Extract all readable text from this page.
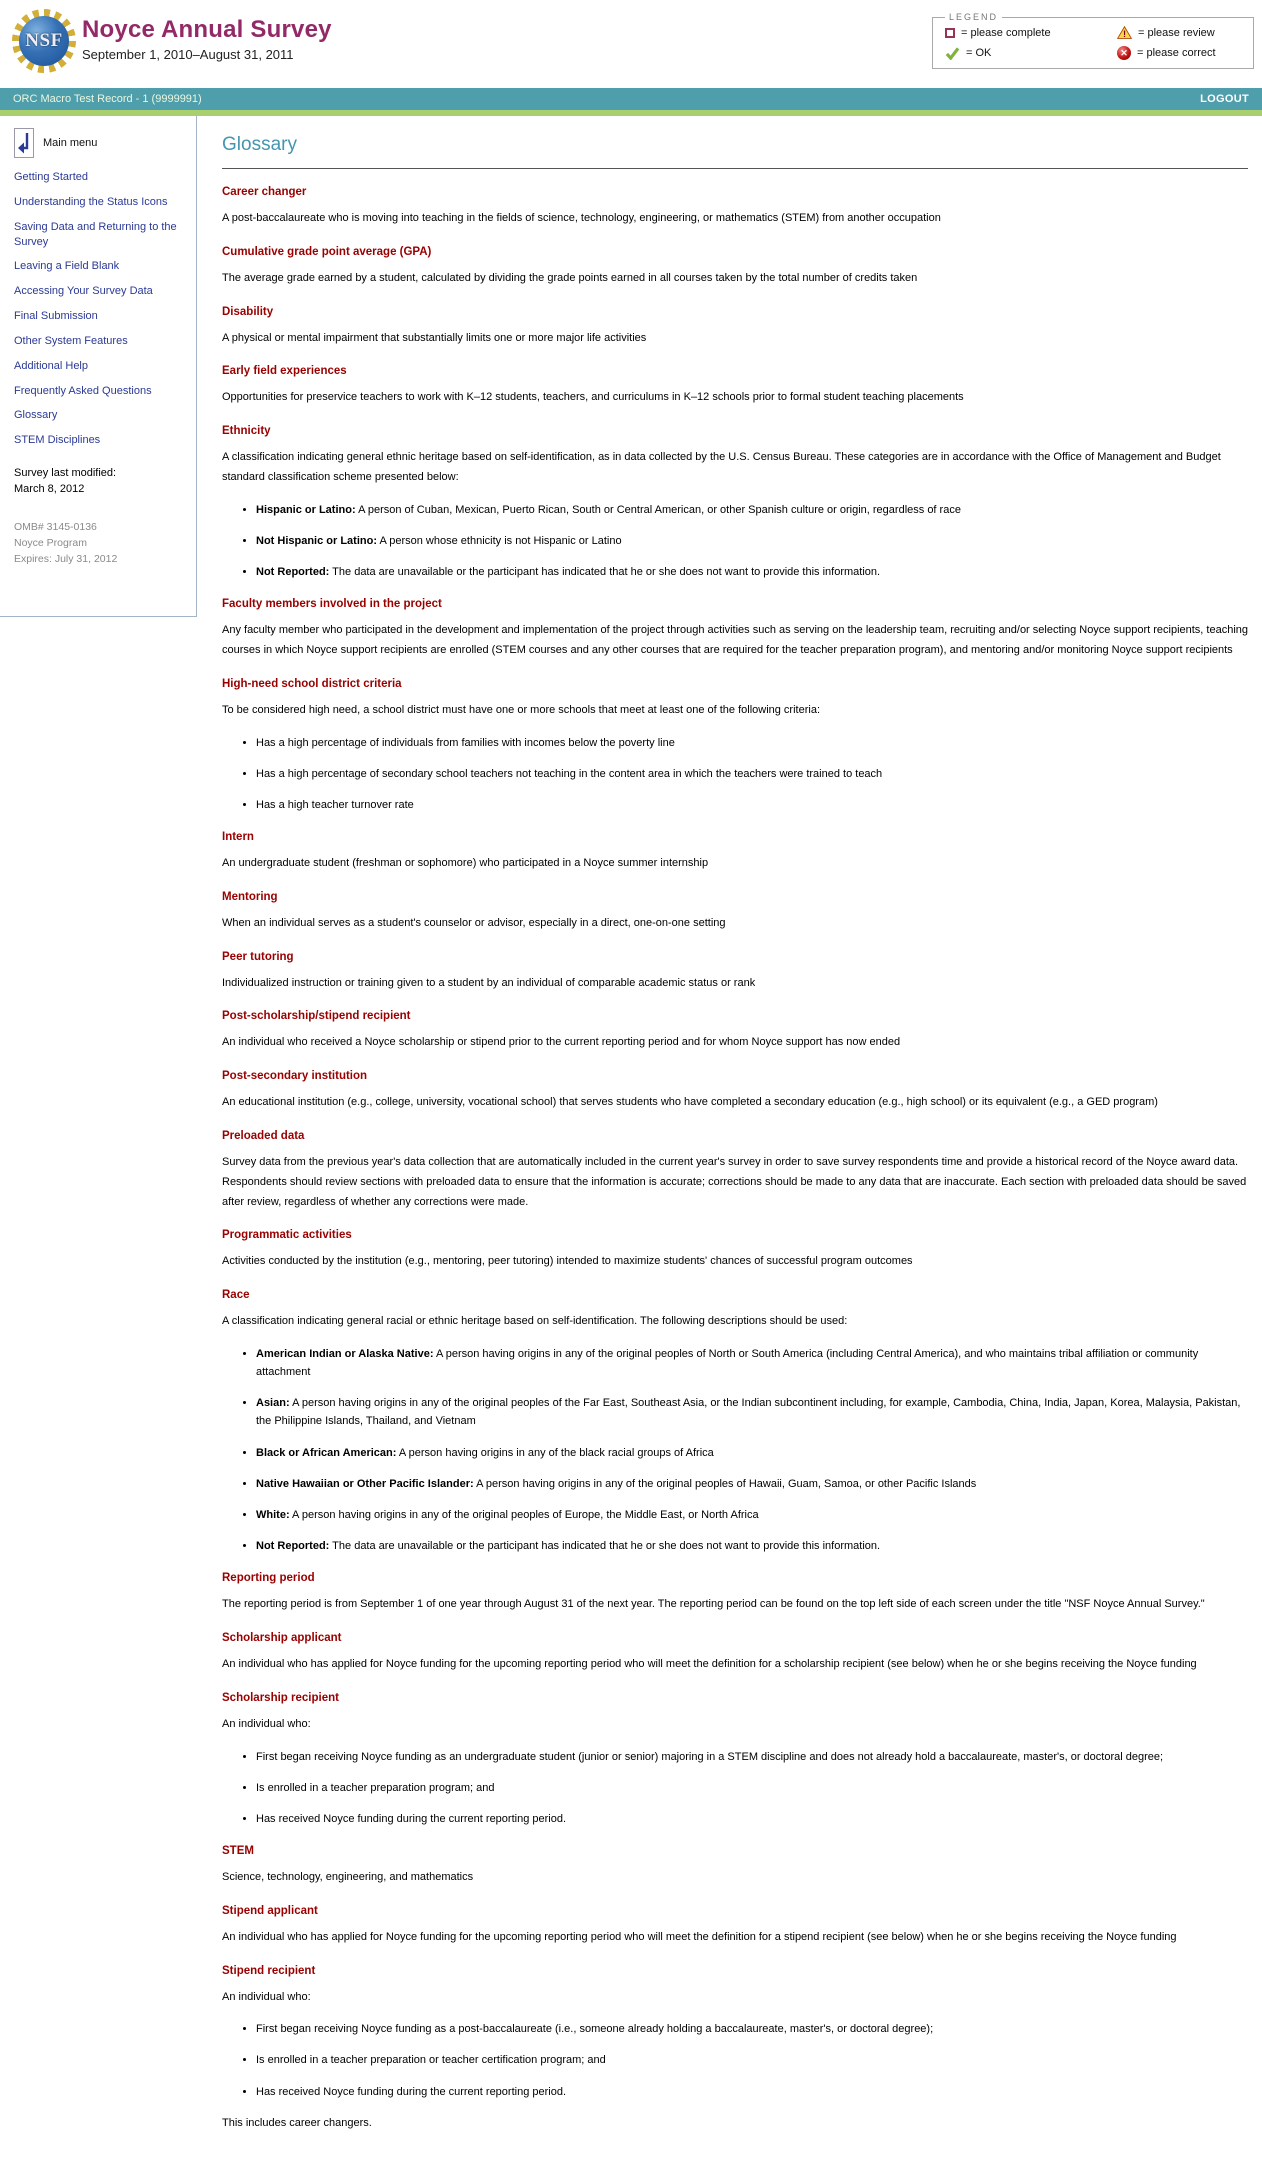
NSF Noyce Annual Survey
September 1, 2010–August 31, 2011
LEGEND
= please complete	! = please review
= OK	✕ = please correct
ORC Macro Test Record - 1 (9999991)	LOGOUT
Main menu
Getting Started
Understanding the Status Icons
Saving Data and Returning to the Survey
Leaving a Field Blank
Accessing Your Survey Data
Final Submission
Other System Features
Additional Help
Frequently Asked Questions
Glossary
STEM Disciplines
Survey last modified:
March 8, 2012
OMB# 3145-0136
Noyce Program
Expires: July 31, 2012
Glossary
Career changer

A post-baccalaureate who is moving into teaching in the fields of science, technology, engineering, or mathematics (STEM) from another occupation

Cumulative grade point average (GPA)

The average grade earned by a student, calculated by dividing the grade points earned in all courses taken by the total number of credits taken

Disability

A physical or mental impairment that substantially limits one or more major life activities

Early field experiences

Opportunities for preservice teachers to work with K–12 students, teachers, and curriculums in K–12 schools prior to formal student teaching placements

Ethnicity

A classification indicating general ethnic heritage based on self-identification, as in data collected by the U.S. Census Bureau. These categories are in accordance with the Office of Management and Budget standard classification scheme presented below:

• Hispanic or Latino: A person of Cuban, Mexican, Puerto Rican, South or Central American, or other Spanish culture or origin, regardless of race
• Not Hispanic or Latino: A person whose ethnicity is not Hispanic or Latino
• Not Reported: The data are unavailable or the participant has indicated that he or she does not want to provide this information.
Faculty members involved in the project

Any faculty member who participated in the development and implementation of the project through activities such as serving on the leadership team, recruiting and/or selecting Noyce support recipients, teaching courses in which Noyce support recipients are enrolled (STEM courses and any other courses that are required for the teacher preparation program), and mentoring and/or monitoring Noyce support recipients

High-need school district criteria

To be considered high need, a school district must have one or more schools that meet at least one of the following criteria:

• Has a high percentage of individuals from families with incomes below the poverty line
• Has a high percentage of secondary school teachers not teaching in the content area in which the teachers were trained to teach
• Has a high teacher turnover rate
Intern

An undergraduate student (freshman or sophomore) who participated in a Noyce summer internship

Mentoring

When an individual serves as a student's counselor or advisor, especially in a direct, one-on-one setting

Peer tutoring

Individualized instruction or training given to a student by an individual of comparable academic status or rank

Post-scholarship/stipend recipient

An individual who received a Noyce scholarship or stipend prior to the current reporting period and for whom Noyce support has now ended

Post-secondary institution

An educational institution (e.g., college, university, vocational school) that serves students who have completed a secondary education (e.g., high school) or its equivalent (e.g., a GED program)

Preloaded data

Survey data from the previous year's data collection that are automatically included in the current year's survey in order to save survey respondents time and provide a historical record of the Noyce award data. Respondents should review sections with preloaded data to ensure that the information is accurate; corrections should be made to any data that are inaccurate. Each section with preloaded data should be saved after review, regardless of whether any corrections were made.

Programmatic activities

Activities conducted by the institution (e.g., mentoring, peer tutoring) intended to maximize students' chances of successful program outcomes

Race

A classification indicating general racial or ethnic heritage based on self-identification. The following descriptions should be used:

• American Indian or Alaska Native: A person having origins in any of the original peoples of North or South America (including Central America), and who maintains tribal affiliation or community attachment
• Asian: A person having origins in any of the original peoples of the Far East, Southeast Asia, or the Indian subcontinent including, for example, Cambodia, China, India, Japan, Korea, Malaysia, Pakistan, the Philippine Islands, Thailand, and Vietnam
• Black or African American: A person having origins in any of the black racial groups of Africa
• Native Hawaiian or Other Pacific Islander: A person having origins in any of the original peoples of Hawaii, Guam, Samoa, or other Pacific Islands
• White: A person having origins in any of the original peoples of Europe, the Middle East, or North Africa
• Not Reported: The data are unavailable or the participant has indicated that he or she does not want to provide this information.
Reporting period

The reporting period is from September 1 of one year through August 31 of the next year. The reporting period can be found on the top left side of each screen under the title "NSF Noyce Annual Survey."

Scholarship applicant

An individual who has applied for Noyce funding for the upcoming reporting period who will meet the definition for a scholarship recipient (see below) when he or she begins receiving the Noyce funding

Scholarship recipient

An individual who:

• First began receiving Noyce funding as an undergraduate student (junior or senior) majoring in a STEM discipline and does not already hold a baccalaureate, master's, or doctoral degree;
• Is enrolled in a teacher preparation program; and
• Has received Noyce funding during the current reporting period.
STEM

Science, technology, engineering, and mathematics

Stipend applicant

An individual who has applied for Noyce funding for the upcoming reporting period who will meet the definition for a stipend recipient (see below) when he or she begins receiving the Noyce funding

Stipend recipient

An individual who:

• First began receiving Noyce funding as a post-baccalaureate (i.e., someone already holding a baccalaureate, master's, or doctoral degree);
• Is enrolled in a teacher preparation or teacher certification program; and
• Has received Noyce funding during the current reporting period.

This includes career changers.
